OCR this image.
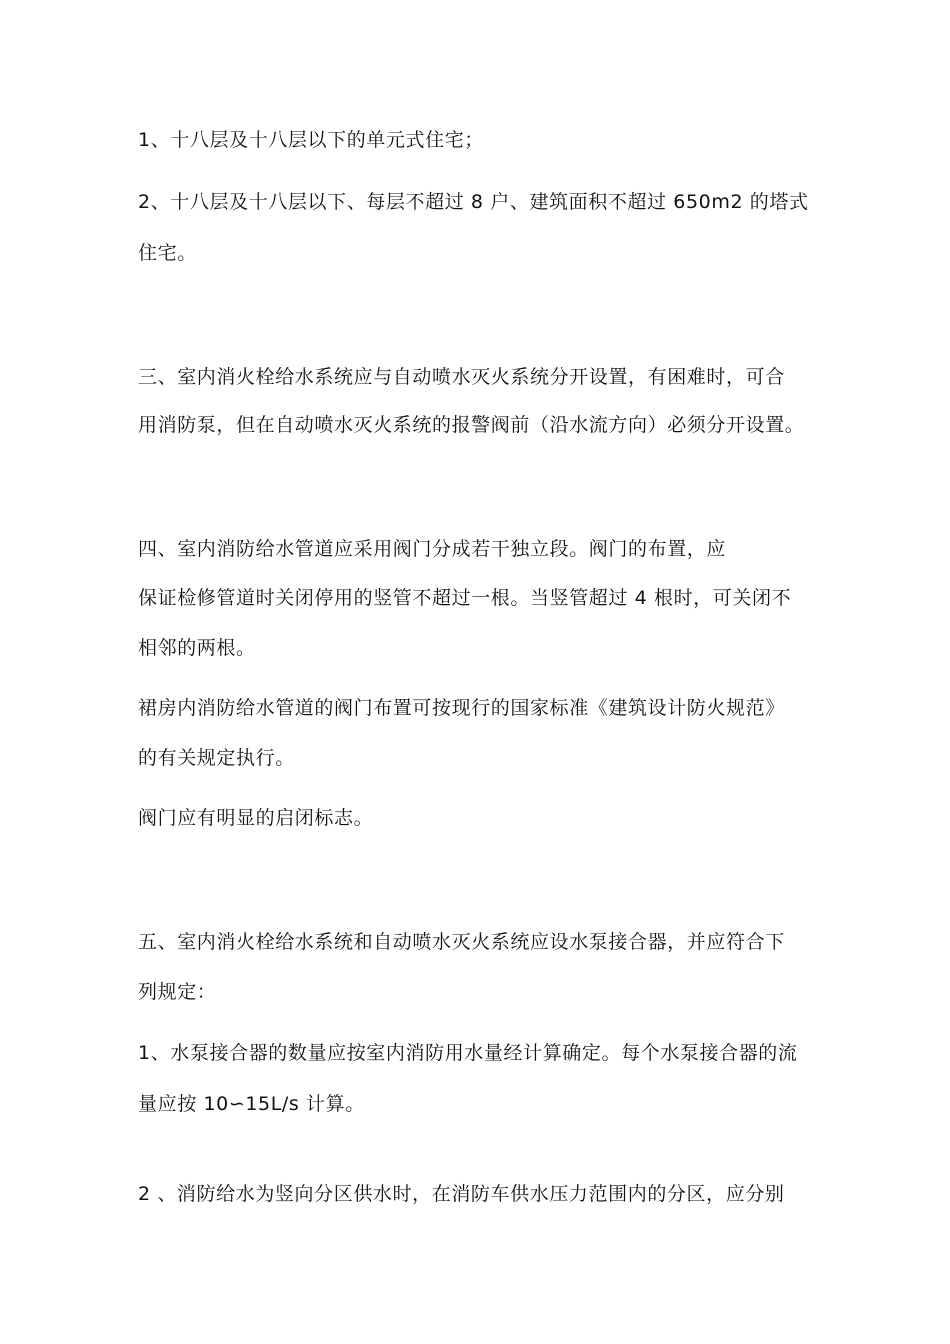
1、十八层及十八层以下的单元式住宅；
2、十八层及十八层以下、每层不超过 8 户、建筑面积不超过 650m2 的塔式
住宅。
三、室内消火栓给水系统应与自动喷水灭火系统分开设置，有困难时，可合
用消防泵，但在自动喷水灭火系统的报警阀前（沿水流方向）必须分开设置。
四、室内消防给水管道应采用阀门分成若干独立段。阀门的布置，应
保证检修管道时关闭停用的竖管不超过一根。当竖管超过 4 根时，可关闭不
相邻的两根。
裙房内消防给水管道的阀门布置可按现行的国家标准《建筑设计防火规范》
的有关规定执行。
阀门应有明显的启闭标志。
五、室内消火栓给水系统和自动喷水灭火系统应设水泵接合器，并应符合下
列规定：
1、水泵接合器的数量应按室内消防用水量经计算确定。每个水泵接合器的流
量应按 10∽15L/s 计算。
2 、消防给水为竖向分区供水时，在消防车供水压力范围内的分区，应分别
